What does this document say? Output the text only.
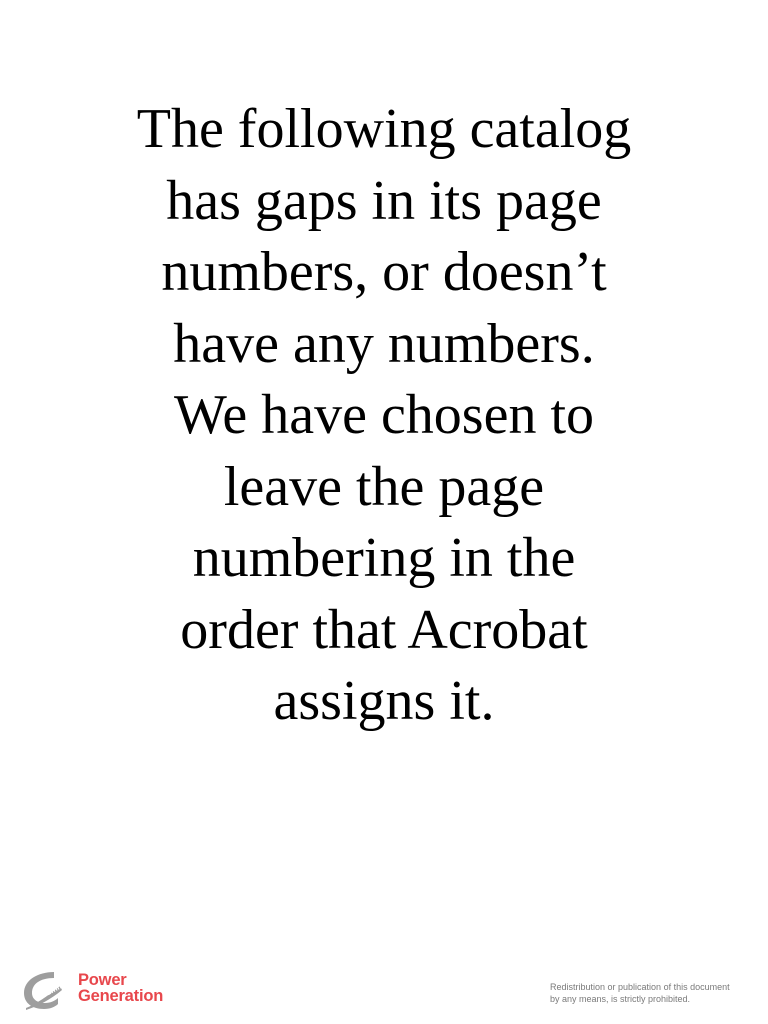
The following catalog
has gaps in its page
numbers, or doesn’t
have any numbers.
We have chosen to
leave the page
numbering in the
order that Acrobat
assigns it.
Cummins Power
Generation	Redistribution or publication of this document
by any means, is strictly prohibited.
